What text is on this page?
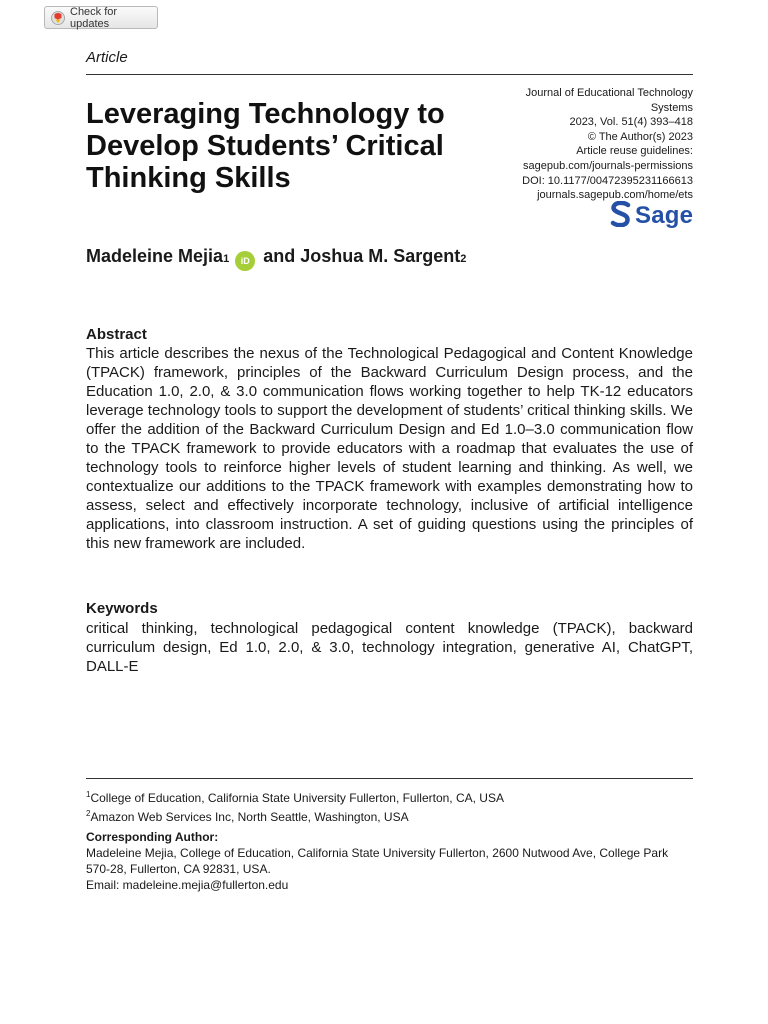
Check for updates
Article
Leveraging Technology to Develop Students’ Critical Thinking Skills
Journal of Educational Technology Systems
2023, Vol. 51(4) 393–418
© The Author(s) 2023
Article reuse guidelines:
sagepub.com/journals-permissions
DOI: 10.1177/00472395231166613
journals.sagepub.com/home/ets
Sage
Madeleine Mejia 1	iD and
Joshua M. Sargent 2
Abstract

This article describes the nexus of the Technological Pedagogical and Content Knowledge (TPACK) framework, principles of the Backward Curriculum Design process, and the Education 1.0, 2.0, & 3.0 communication flows working together to help TK-12 educators leverage technology tools to support the development of students’ critical thinking skills. We offer the addition of the Backward Curriculum Design and Ed 1.0–3.0 communication flow to the TPACK framework to provide educators with a roadmap that evaluates the use of technology tools to reinforce higher levels of student learning and thinking. As well, we contextualize our additions to the TPACK framework with examples demonstrating how to assess, select and effectively incorporate technology, inclusive of artificial intelligence applications, into classroom instruction. A set of guiding questions using the principles of this new framework are included.

Keywords

critical thinking, technological pedagogical content knowledge (TPACK), backward curriculum design, Ed 1.0, 2.0, & 3.0, technology integration, generative AI, ChatGPT, DALL-E

$^1$College of Education, California State University Fullerton, Fullerton, CA, USA
$^2$Amazon Web Services Inc, North Seattle, Washington, USA
Corresponding Author:
Madeleine Mejia, College of Education, California State University Fullerton, 2600 Nutwood Ave, College Park 570-28, Fullerton, CA 92831, USA.
Email: madeleine.mejia@fullerton.edu
